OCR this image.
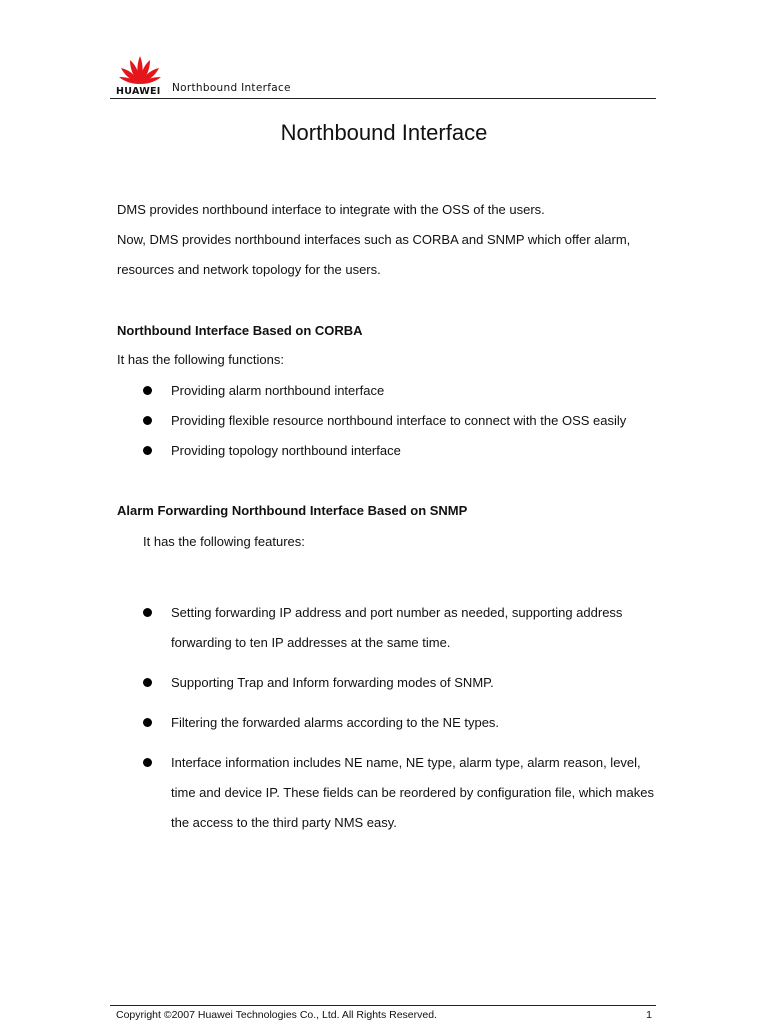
HUAWEI Northbound Interface
Northbound Interface

DMS provides northbound interface to integrate with the OSS of the users.

Now, DMS provides northbound interfaces such as CORBA and SNMP which offer alarm,

resources and network topology for the users.

Northbound Interface Based on CORBA

It has the following functions:

Providing alarm northbound interface
Providing flexible resource northbound interface to connect with the OSS easily
Providing topology northbound interface

Alarm Forwarding Northbound Interface Based on SNMP

It has the following features:

Setting forwarding IP address and port number as needed, supporting address forwarding to ten IP addresses at the same time.
Supporting Trap and Inform forwarding modes of SNMP.
Filtering the forwarded alarms according to the NE types.
Interface information includes NE name, NE type, alarm type, alarm reason, level, time and device IP. These fields can be reordered by configuration file, which makes the access to the third party NMS easy.
Copyright ©2007 Huawei Technologies Co., Ltd. All Rights Reserved.	1
